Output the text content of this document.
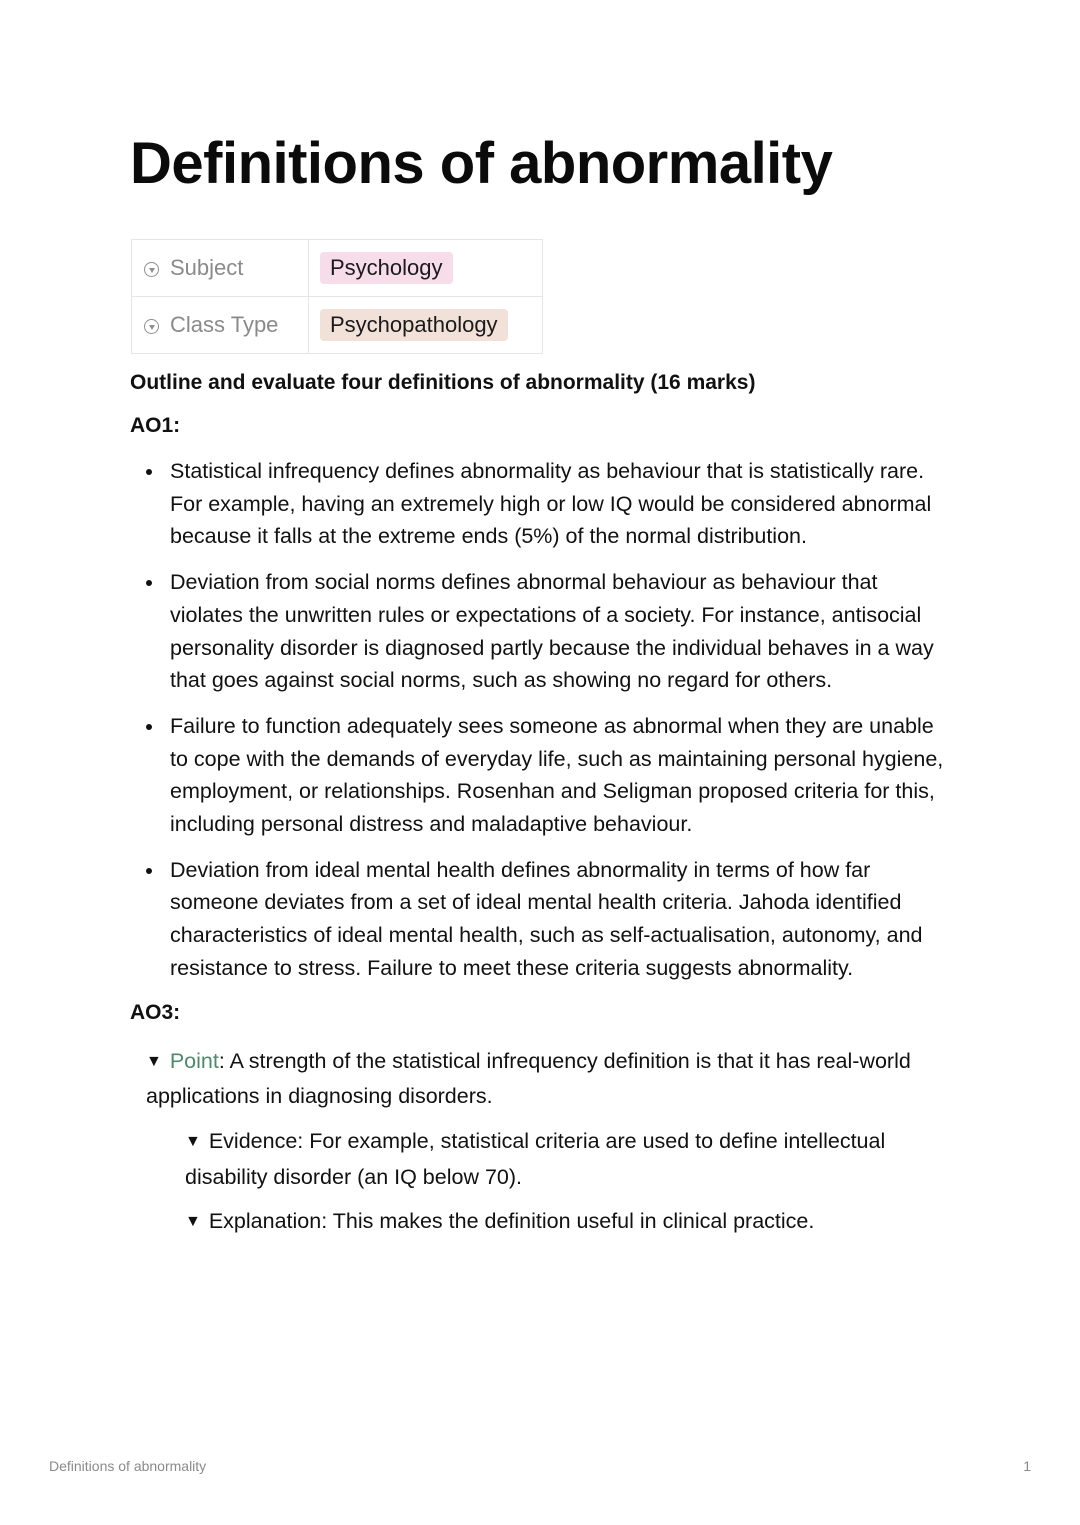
Definitions of abnormality
Subject	Psychology

Class Type	Psychopathology

Outline and evaluate four definitions of abnormality (16 marks)

AO1:

Statistical infrequency defines abnormality as behaviour that is statistically rare. For example, having an extremely high or low IQ would be considered abnormal because it falls at the extreme ends (5%) of the normal distribution.
Deviation from social norms defines abnormal behaviour as behaviour that violates the unwritten rules or expectations of a society. For instance, antisocial personality disorder is diagnosed partly because the individual behaves in a way that goes against social norms, such as showing no regard for others.
Failure to function adequately sees someone as abnormal when they are unable to cope with the demands of everyday life, such as maintaining personal hygiene, employment, or relationships. Rosenhan and Seligman proposed criteria for this, including personal distress and maladaptive behaviour.
Deviation from ideal mental health defines abnormality in terms of how far someone deviates from a set of ideal mental health criteria. Jahoda identified characteristics of ideal mental health, such as self-actualisation, autonomy, and resistance to stress. Failure to meet these criteria suggests abnormality.

AO3:

▼ Point: A strength of the statistical infrequency definition is that it has real-world applications in diagnosing disorders.
▼ Evidence: For example, statistical criteria are used to define intellectual disability disorder (an IQ below 70).
▼ Explanation: This makes the definition useful in clinical practice.
Definitions of abnormality	1
